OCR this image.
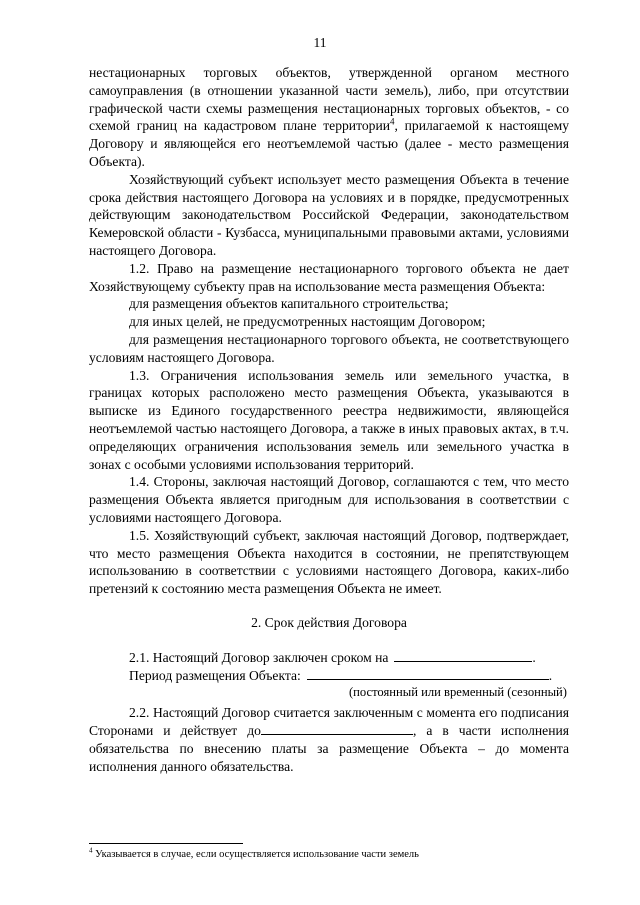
11

нестационарных торговых объектов, утвержденной органом местного самоуправления (в отношении указанной части земель), либо, при отсутствии графической части схемы размещения нестационарных торговых объектов, - со схемой границ на кадастровом плане территории$^4$, прилагаемой к настоящему Договору и являющейся его неотъемлемой частью (далее - место размещения Объекта).

Хозяйствующий субъект использует место размещения Объекта в течение срока действия настоящего Договора на условиях и в порядке, предусмотренных действующим законодательством Российской Федерации, законодательством Кемеровской области - Кузбасса, муниципальными правовыми актами, условиями настоящего Договора.

1.2. Право на размещение нестационарного торгового объекта не дает Хозяйствующему субъекту прав на использование места размещения Объекта:

для размещения объектов капитального строительства;

для иных целей, не предусмотренных настоящим Договором;

для размещения нестационарного торгового объекта, не соответствующего условиям настоящего Договора.

1.3. Ограничения использования земель или земельного участка, в границах которых расположено место размещения Объекта, указываются в выписке из Единого государственного реестра недвижимости, являющейся неотъемлемой частью настоящего Договора, а также в иных правовых актах, в т.ч. определяющих ограничения использования земель или земельного участка в зонах с особыми условиями использования территорий.

1.4. Стороны, заключая настоящий Договор, соглашаются с тем, что место размещения Объекта является пригодным для использования в соответствии с условиями настоящего Договора.

1.5. Хозяйствующий субъект, заключая настоящий Договор, подтверждает, что место размещения Объекта находится в состоянии, не препятствующем использованию в соответствии с условиями настоящего Договора, каких-либо претензий к состоянию места размещения Объекта не имеет.

2. Срок действия Договора

2.1. Настоящий Договор заключен сроком на	.

Период размещения Объекта:	.

(постоянный или временный (сезонный)

2.2. Настоящий Договор считается заключенным с момента его подписания Сторонами и действует до	, а в части исполнения обязательства по внесению платы за размещение Объекта – до момента исполнения данного обязательства.

$^4$ Указывается в случае, если осуществляется использование части земель
